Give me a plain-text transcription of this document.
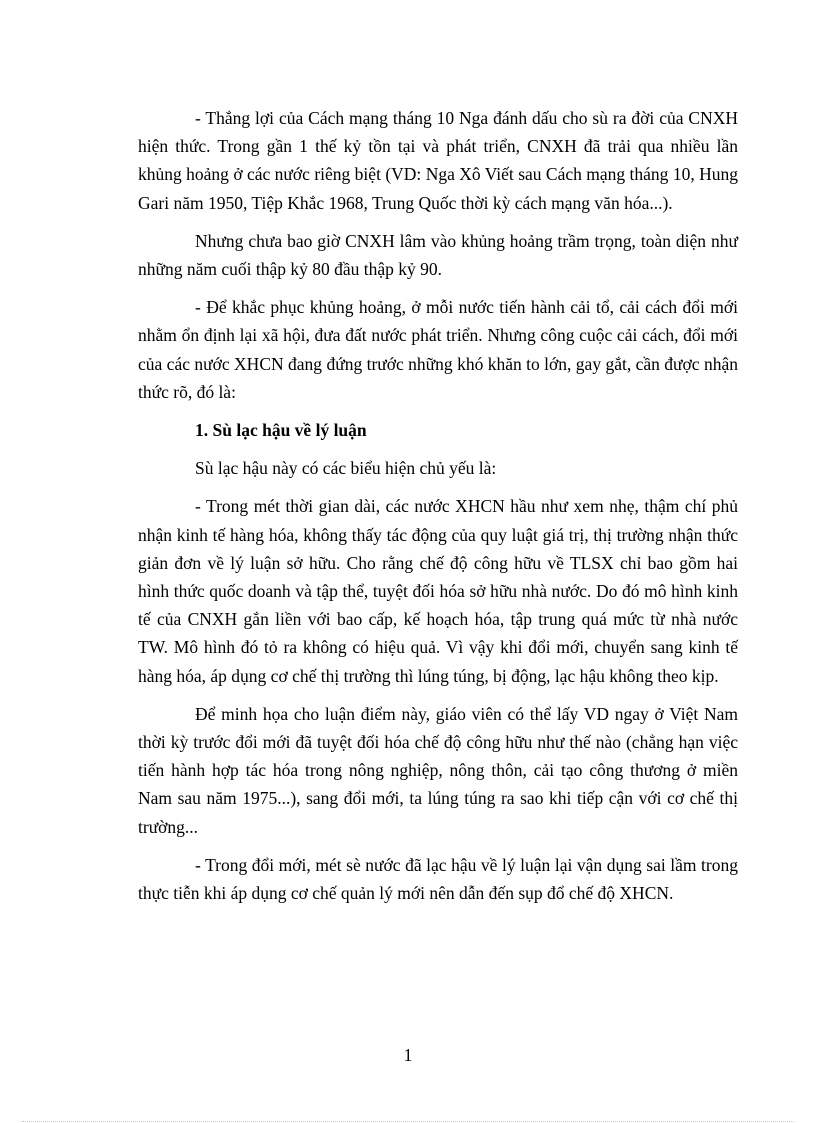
- Thắng lợi của Cách mạng tháng 10 Nga đánh dấu cho sù ra đời của CNXH hiện thức. Trong gần 1 thế kỷ tồn tại và phát triển, CNXH đã trải qua nhiều lần khủng hoảng ở các nước riêng biệt (VD: Nga Xô Viết sau Cách mạng tháng 10, Hung Gari năm 1950, Tiệp Khắc 1968, Trung Quốc thời kỳ cách mạng văn hóa...).

Nhưng chưa bao giờ CNXH lâm vào khủng hoảng trầm trọng, toàn diện như những năm cuối thập kỷ 80 đầu thập kỷ 90.

- Để khắc phục khủng hoảng, ở mỗi nước tiến hành cải tổ, cải cách đổi mới nhằm ổn định lại xã hội, đưa đất nước phát triển. Nhưng công cuộc cải cách, đổi mới của các nước XHCN đang đứng trước những khó khăn to lớn, gay gắt, cần được nhận thức rõ, đó là:

1. Sù lạc hậu về lý luận

Sù lạc hậu này có các biểu hiện chủ yếu là:

- Trong mét thời gian dài, các nước XHCN hầu như xem nhẹ, thậm chí phủ nhận kinh tế hàng hóa, không thấy tác động của quy luật giá trị, thị trường nhận thức giản đơn về lý luận sở hữu. Cho rằng chế độ công hữu về TLSX chỉ bao gồm hai hình thức quốc doanh và tập thể, tuyệt đối hóa sở hữu nhà nước. Do đó mô hình kinh tế của CNXH gắn liền với bao cấp, kế hoạch hóa, tập trung quá mức từ nhà nước TW. Mô hình đó tỏ ra không có hiệu quả. Vì vậy khi đổi mới, chuyển sang kinh tế hàng hóa, áp dụng cơ chế thị trường thì lúng túng, bị động, lạc hậu không theo kịp.

Để minh họa cho luận điểm này, giáo viên có thể lấy VD ngay ở Việt Nam thời kỳ trước đổi mới đã tuyệt đối hóa chế độ công hữu như thế nào (chẳng hạn việc tiến hành hợp tác hóa trong nông nghiệp, nông thôn, cải tạo công thương ở miền Nam sau năm 1975...), sang đổi mới, ta lúng túng ra sao khi tiếp cận với cơ chế thị trường...

- Trong đổi mới, mét sè nước đã lạc hậu về lý luận lại vận dụng sai lầm trong thực tiễn khi áp dụng cơ chế quản lý mới nên dẫn đến sụp đổ chế độ XHCN.

1
